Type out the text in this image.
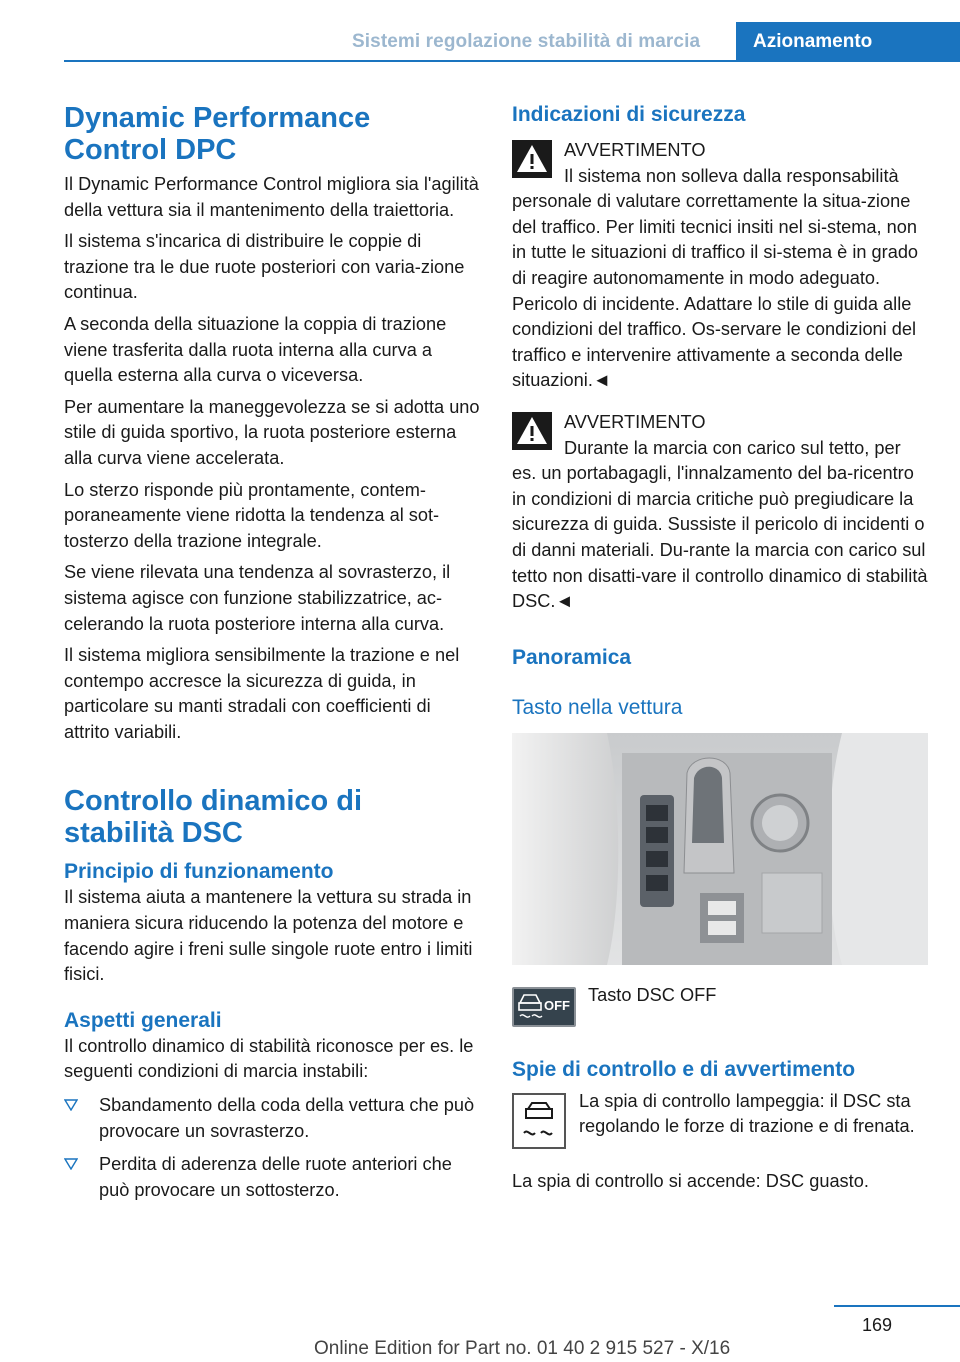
Sistemi regolazione stabilità di marcia	Azionamento
Dynamic Performance Control DPC

Il Dynamic Performance Control migliora sia l'agilità della vettura sia il mantenimento della traiettoria.

Il sistema s'incarica di distribuire le coppie di trazione tra le due ruote posteriori con varia-zione continua.

A seconda della situazione la coppia di trazione viene trasferita dalla ruota interna alla curva a quella esterna alla curva o viceversa.

Per aumentare la maneggevolezza se si adotta uno stile di guida sportivo, la ruota posteriore esterna alla curva viene accelerata.

Lo sterzo risponde più prontamente, contem-poraneamente viene ridotta la tendenza al sot-tosterzo della trazione integrale.

Se viene rilevata una tendenza al sovrasterzo, il sistema agisce con funzione stabilizzatrice, ac-celerando la ruota posteriore interna alla curva.

Il sistema migliora sensibilmente la trazione e nel contempo accresce la sicurezza di guida, in particolare su manti stradali con coefficienti di attrito variabili.

Controllo dinamico di stabilità DSC
Principio di funzionamento

Il sistema aiuta a mantenere la vettura su strada in maniera sicura riducendo la potenza del motore e facendo agire i freni sulle singole ruote entro i limiti fisici.

Aspetti generali

Il controllo dinamico di stabilità riconosce per es. le seguenti condizioni di marcia instabili:

Sbandamento della coda della vettura che può provocare un sovrasterzo.
Perdita di aderenza delle ruote anteriori che può provocare un sottosterzo.
Indicazioni di sicurezza

AVVERTIMENTO

Il sistema non solleva dalla responsabilità personale di valutare correttamente la situa-zione del traffico. Per limiti tecnici insiti nel si-stema, non in tutte le situazioni di traffico il si-stema è in grado di reagire autonomamente in modo adeguato. Pericolo di incidente. Adattare lo stile di guida alle condizioni del traffico. Os-servare le condizioni del traffico e intervenire attivamente a seconda delle situazioni.◄

AVVERTIMENTO

Durante la marcia con carico sul tetto, per es. un portabagagli, l'innalzamento del ba-ricentro in condizioni di marcia critiche può pregiudicare la sicurezza di guida. Sussiste il pericolo di incidenti o di danni materiali. Du-rante la marcia con carico sul tetto non disatti-vare il controllo dinamico di stabilità DSC.◄

Panoramica
Tasto nella vettura
OFF

Tasto DSC OFF

Spie di controllo e di avvertimento

La spia di controllo lampeggia: il DSC sta regolando le forze di trazione e di frenata.

La spia di controllo si accende: DSC guasto.

169
Online Edition for Part no. 01 40 2 915 527 - X/16
